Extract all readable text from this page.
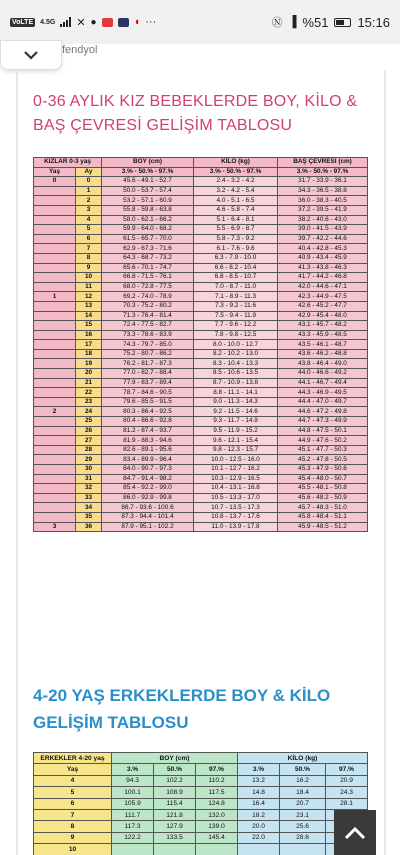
VoLTE 4.5G ✕ ●	◖ ···	Ⓝ ▐ %51 15:16
fendyol
0-36 AYLIK KIZ BEBEKLERDE BOY, KİLO & BAŞ ÇEVRESİ GELİŞİM TABLOSU
KIZLAR 0-3 yaş		BOY (cm)	KİLO (kg)	BAŞ ÇEVRESİ (cm)
Yaş	Ay	3.% - 50.% - 97.%	3.% - 50.% - 97.%	3.% - 50.% - 97.%
0	0	45.6 - 49.1 - 52.7	2.4 - 3.2 - 4.2	31.7 - 33.9 - 36.1
	1	50.0 - 53.7 - 57.4	3.2 - 4.2 - 5.4	34.3 - 36.5 - 38.8
	2	53.2 - 57.1 - 60.9	4.0 - 5.1 - 6.5	36.0 - 38.3 - 40.5
	3	55.8 - 59.8 - 63.8	4.6 - 5.8 - 7.4	37.2 - 39.5 - 41.9
	4	58.0 - 62.1 - 66.2	5.1 - 6.4 - 8.1	38.2 - 40.6 - 43.0
	5	59.9 - 64.0 - 68.2	5.5 - 6.9 - 8.7	39.0 - 41.5 - 43.9
	6	61.5 - 65.7 - 70.0	5.8 - 7.3 - 9.2	39.7 - 42.2 - 44.6
	7	62.9 - 67.3 - 71.6	6.1 - 7.6 - 9.6	40.4 - 42.8 - 45.3
	8	64.3 - 68.7 - 73.2	6.3 - 7.9 - 10.0	40.9 - 43.4 - 45.9
	9	65.6 - 70.1 - 74.7	6.6 - 8.2 - 10.4	41.3 - 43.8 - 46.3
	10	66.8 - 71.5 - 76.1	6.8 - 8.5 - 10.7	41.7 - 44.2 - 46.8
	11	68.0 - 72.8 - 77.5	7.0 - 8.7 - 11.0	42.0 - 44.6 - 47.1
1	12	69.2 - 74.0 - 78.9	7.1 - 8.9 - 11.3	42.3 - 44.9 - 47.5
	13	70.3 - 75.2 - 80.2	7.3 - 9.2 - 11.6	42.6 - 45.2 - 47.7
	14	71.3 - 76.4 - 81.4	7.5 - 9.4 - 11.9	42.9 - 45.4 - 48.0
	15	72.4 - 77.5 - 82.7	7.7 - 9.6 - 12.2	43.1 - 45.7 - 48.2
	16	73.3 - 78.6 - 83.9	7.8 - 9.8 - 12.5	43.3 - 45.9 - 48.5
	17	74.3 - 79.7 - 85.0	8.0 - 10.0 - 12.7	43.5 - 46.1 - 48.7
	18	75.2 - 80.7 - 86.2	8.2 - 10.2 - 13.0	43.6 - 46.2 - 48.8
	19	76.2 - 81.7 - 87.3	8.3 - 10.4 - 13.3	43.8 - 46.4 - 49.0
	20	77.0 - 82.7 - 88.4	8.5 - 10.6 - 13.5	44.0 - 46.6 - 49.2
	21	77.9 - 83.7 - 89.4	8.7 - 10.9 - 13.8	44.1 - 46.7 - 49.4
	22	78.7 - 84.6 - 90.5	8.8 - 11.1 - 14.1	44.3 - 46.9 - 49.5
	23	79.6 - 85.5 - 91.5	9.0 - 11.3 - 14.3	44.4 - 47.0 - 49.7
2	24	80.3 - 86.4 - 92.5	9.2 - 11.5 - 14.6	44.6 - 47.2 - 49.8
	25	80.4 - 86.6 - 92.8	9.3 - 11.7 - 14.9	44.7 - 47.3 - 49.9
	26	81.2 - 87.4 - 93.7	9.5 - 11.9 - 15.2	44.8 - 47.5 - 50.1
	27	81.9 - 88.3 - 94.6	9.6 - 12.1 - 15.4	44.9 - 47.6 - 50.2
	28	82.6 - 89.1 - 95.6	9.8 - 12.3 - 15.7	45.1 - 47.7 - 50.3
	29	83.4 - 89.9 - 96.4	10.0 - 12.5 - 16.0	45.2 - 47.8 - 50.5
	30	84.0 - 90.7 - 97.3	10.1 - 12.7 - 16.2	45.3 - 47.9 - 50.6
	31	84.7 - 91.4 - 98.2	10.3 - 12.9 - 16.5	45.4 - 48.0 - 50.7
	32	85.4 - 92.2 - 99.0	10.4 - 13.1 - 16.8	45.5 - 48.1 - 50.8
	33	86.0 - 92.9 - 99.8	10.5 - 13.3 - 17.0	45.6 - 48.2 - 50.9
	34	86.7 - 93.6 - 100.6	10.7 - 13.5 - 17.3	45.7 - 48.3 - 51.0
	35	87.3 - 94.4 - 101.4	10.8 - 13.7 - 17.6	45.8 - 48.4 - 51.1
3	36	87.9 - 95.1 - 102.2	11.0 - 13.9 - 17.8	45.9 - 48.5 - 51.2
4-20 YAŞ ERKEKLERDE BOY & KİLO GELİŞİM TABLOSU
ERKEKLER 4-20 yaş	BOY (cm)			KİLO (kg)		
Yaş	3.%	50.%	97.%	3.%	50.%	97.%
4	94.3	102.2	110.2	13.2	16.2	20.9
5	100.1	108.9	117.5	14.8	18.4	24.3
6	105.9	115.4	124.8	16.4	20.7	28.1
7	111.7	121.8	132.0	18.2	23.1	
8	117.3	127.9	139.0	20.0	25.6	
9	122.2	133.5	145.4	22.0	28.6	
10						
